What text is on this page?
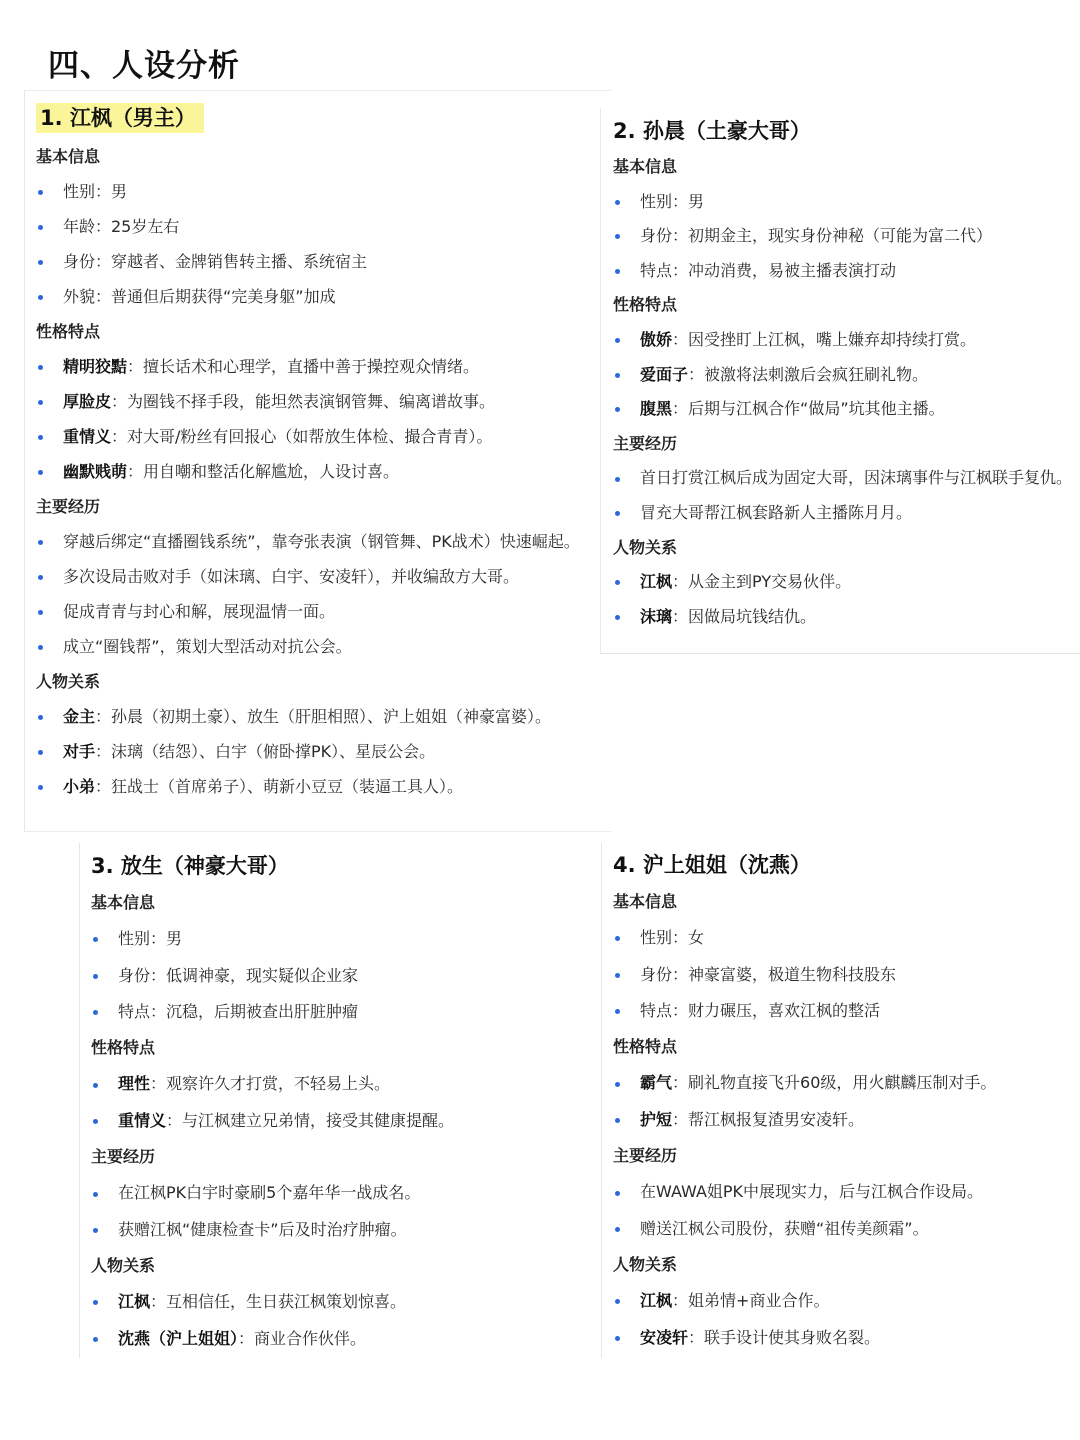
四、人设分析
1. 江枫（男主）
基本信息
性别：男
年龄：25岁左右
身份：穿越者、金牌销售转主播、系统宿主
外貌：普通但后期获得“完美身躯”加成
性格特点
精明狡黠：擅长话术和心理学，直播中善于操控观众情绪。
厚脸皮：为圈钱不择手段，能坦然表演钢管舞、编离谱故事。
重情义：对大哥/粉丝有回报心（如帮放生体检、撮合青青）。
幽默贱萌：用自嘲和整活化解尴尬，人设讨喜。
主要经历
穿越后绑定“直播圈钱系统”，靠夸张表演（钢管舞、PK战术）快速崛起。
多次设局击败对手（如沫璃、白宇、安凌轩），并收编敌方大哥。
促成青青与封心和解，展现温情一面。
成立“圈钱帮”，策划大型活动对抗公会。
人物关系
金主：孙晨（初期土豪）、放生（肝胆相照）、沪上姐姐（神豪富婆）。
对手：沫璃（结怨）、白宇（俯卧撑PK）、星辰公会。
小弟：狂战士（首席弟子）、萌新小豆豆（装逼工具人）。
2. 孙晨（土豪大哥）
基本信息
性别：男
身份：初期金主，现实身份神秘（可能为富二代）
特点：冲动消费，易被主播表演打动
性格特点
傲娇：因受挫盯上江枫，嘴上嫌弃却持续打赏。
爱面子：被激将法刺激后会疯狂刷礼物。
腹黑：后期与江枫合作“做局”坑其他主播。
主要经历
首日打赏江枫后成为固定大哥，因沫璃事件与江枫联手复仇。
冒充大哥帮江枫套路新人主播陈月月。
人物关系
江枫：从金主到PY交易伙伴。
沫璃：因做局坑钱结仇。
3. 放生（神豪大哥）
基本信息
性别：男
身份：低调神豪，现实疑似企业家
特点：沉稳，后期被查出肝脏肿瘤
性格特点
理性：观察许久才打赏，不轻易上头。
重情义：与江枫建立兄弟情，接受其健康提醒。
主要经历
在江枫PK白宇时豪刷5个嘉年华一战成名。
获赠江枫“健康检查卡”后及时治疗肿瘤。
人物关系
江枫：互相信任，生日获江枫策划惊喜。
沈燕（沪上姐姐）：商业合作伙伴。
4. 沪上姐姐（沈燕）
基本信息
性别：女
身份：神豪富婆，极道生物科技股东
特点：财力碾压，喜欢江枫的整活
性格特点
霸气：刷礼物直接飞升60级，用火麒麟压制对手。
护短：帮江枫报复渣男安凌轩。
主要经历
在WAWA姐PK中展现实力，后与江枫合作设局。
赠送江枫公司股份，获赠“祖传美颜霜”。
人物关系
江枫：姐弟情+商业合作。
安凌轩：联手设计使其身败名裂。
